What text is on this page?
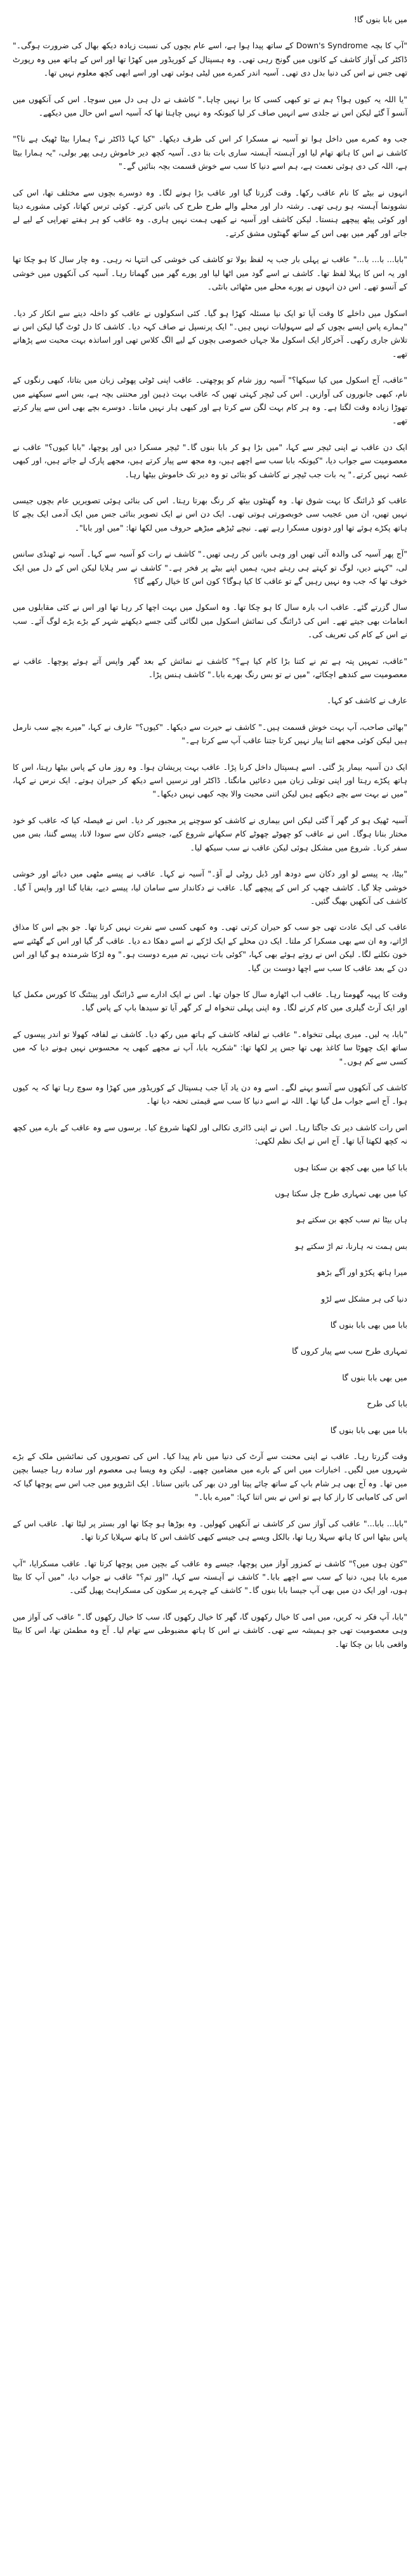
میں بابا بنوں گا!
"آپ کا بچہ Down's Syndrome کے ساتھ پیدا ہوا ہے، اسے عام بچوں کی نسبت زیادہ دیکھ بھال کی ضرورت ہوگی۔" ڈاکٹر کی آواز کاشف کے کانوں میں گونج رہی تھی۔ وہ ہسپتال کے کوریڈور میں کھڑا تھا اور اس کے ہاتھ میں وہ رپورٹ تھی جس نے اس کی دنیا بدل دی تھی۔ آسیہ اندر کمرے میں لیٹی ہوئی تھی اور اسے ابھی کچھ معلوم نہیں تھا۔
"یا اللہ یہ کیوں ہوا؟ ہم نے تو کبھی کسی کا برا نہیں چاہا۔" کاشف نے دل ہی دل میں سوچا۔ اس کی آنکھوں میں آنسو آ گئے لیکن اس نے جلدی سے انہیں صاف کر لیا کیونکہ وہ نہیں چاہتا تھا کہ آسیہ اسے اس حال میں دیکھے۔
جب وہ کمرے میں داخل ہوا تو آسیہ نے مسکرا کر اس کی طرف دیکھا۔ "کیا کہا ڈاکٹر نے؟ ہمارا بیٹا ٹھیک ہے نا؟" کاشف نے اس کا ہاتھ تھام لیا اور آہستہ آہستہ ساری بات بتا دی۔ آسیہ کچھ دیر خاموش رہی پھر بولی، "یہ ہمارا بیٹا ہے، اللہ کی دی ہوئی نعمت ہے، ہم اسے دنیا کا سب سے خوش قسمت بچہ بنائیں گے۔"
انہوں نے بیٹے کا نام عاقب رکھا۔ وقت گزرتا گیا اور عاقب بڑا ہونے لگا۔ وہ دوسرے بچوں سے مختلف تھا، اس کی نشوونما آہستہ ہو رہی تھی۔ رشتہ دار اور محلے والے طرح طرح کی باتیں کرتے۔ کوئی ترس کھاتا، کوئی مشورے دیتا اور کوئی پیٹھ پیچھے ہنستا۔ لیکن کاشف اور آسیہ نے کبھی ہمت نہیں ہاری۔ وہ عاقب کو ہر ہفتے تھراپی کے لیے لے جاتے اور گھر میں بھی اس کے ساتھ گھنٹوں مشق کرتے۔
"بابا... با... با..." عاقب نے پہلی بار جب یہ لفظ بولا تو کاشف کی خوشی کی انتہا نہ رہی۔ وہ چار سال کا ہو چکا تھا اور یہ اس کا پہلا لفظ تھا۔ کاشف نے اسے گود میں اٹھا لیا اور پورے گھر میں گھماتا رہا۔ آسیہ کی آنکھوں میں خوشی کے آنسو تھے۔ اس دن انہوں نے پورے محلے میں مٹھائی بانٹی۔
اسکول میں داخلے کا وقت آیا تو ایک نیا مسئلہ کھڑا ہو گیا۔ کئی اسکولوں نے عاقب کو داخلہ دینے سے انکار کر دیا۔ "ہمارے پاس ایسے بچوں کے لیے سہولیات نہیں ہیں۔" ایک پرنسپل نے صاف کہہ دیا۔ کاشف کا دل ٹوٹ گیا لیکن اس نے تلاش جاری رکھی۔ آخرکار ایک اسکول ملا جہاں خصوصی بچوں کے لیے الگ کلاس تھی اور اساتذہ بہت محبت سے پڑھاتے تھے۔
"عاقب، آج اسکول میں کیا سیکھا؟" آسیہ روز شام کو پوچھتی۔ عاقب اپنی ٹوٹی پھوٹی زبان میں بتاتا، کبھی رنگوں کے نام، کبھی جانوروں کی آوازیں۔ اس کی ٹیچر کہتی تھیں کہ عاقب بہت ذہین اور محنتی بچہ ہے، بس اسے سیکھنے میں تھوڑا زیادہ وقت لگتا ہے۔ وہ ہر کام بہت لگن سے کرتا ہے اور کبھی ہار نہیں مانتا۔ دوسرے بچے بھی اس سے پیار کرتے تھے۔
ایک دن عاقب نے اپنی ٹیچر سے کہا، "میں بڑا ہو کر بابا بنوں گا۔" ٹیچر مسکرا دیں اور پوچھا، "بابا کیوں؟" عاقب نے معصومیت سے جواب دیا، "کیونکہ بابا سب سے اچھے ہیں، وہ مجھ سے پیار کرتے ہیں، مجھے پارک لے جاتے ہیں، اور کبھی غصہ نہیں کرتے۔" یہ بات جب ٹیچر نے کاشف کو بتائی تو وہ دیر تک خاموش بیٹھا رہا۔
عاقب کو ڈرائنگ کا بہت شوق تھا۔ وہ گھنٹوں بیٹھ کر رنگ بھرتا رہتا۔ اس کی بنائی ہوئی تصویریں عام بچوں جیسی نہیں تھیں، ان میں عجیب سی خوبصورتی ہوتی تھی۔ ایک دن اس نے ایک تصویر بنائی جس میں ایک آدمی ایک بچے کا ہاتھ پکڑے ہوئے تھا اور دونوں مسکرا رہے تھے۔ نیچے ٹیڑھے میڑھے حروف میں لکھا تھا: "میں اور بابا"۔
"آج پھر آسیہ کی والدہ آئی تھیں اور وہی باتیں کر رہی تھیں۔" کاشف نے رات کو آسیہ سے کہا۔ آسیہ نے ٹھنڈی سانس لی، "کہنے دیں، لوگ تو کہتے ہی رہتے ہیں، ہمیں اپنے بیٹے پر فخر ہے۔" کاشف نے سر ہلایا لیکن اس کے دل میں ایک خوف تھا کہ جب وہ نہیں رہیں گے تو عاقب کا کیا ہوگا؟ کون اس کا خیال رکھے گا؟
سال گزرتے گئے۔ عاقب اب بارہ سال کا ہو چکا تھا۔ وہ اسکول میں بہت اچھا کر رہا تھا اور اس نے کئی مقابلوں میں انعامات بھی جیتے تھے۔ اس کی ڈرائنگ کی نمائش اسکول میں لگائی گئی جسے دیکھنے شہر کے بڑے بڑے لوگ آئے۔ سب نے اس کے کام کی تعریف کی۔
"عاقب، تمہیں پتہ ہے تم نے کتنا بڑا کام کیا ہے؟" کاشف نے نمائش کے بعد گھر واپس آتے ہوئے پوچھا۔ عاقب نے معصومیت سے کندھے اچکائے، "میں نے تو بس رنگ بھرے بابا۔" کاشف ہنس پڑا۔
عارف نے کاشف کو کہا۔
"بھائی صاحب، آپ بہت خوش قسمت ہیں۔" کاشف نے حیرت سے دیکھا۔ "کیوں؟" عارف نے کہا، "میرے بچے سب نارمل ہیں لیکن کوئی مجھے اتنا پیار نہیں کرتا جتنا عاقب آپ سے کرتا ہے۔"
ایک دن آسیہ بیمار پڑ گئی۔ اسے ہسپتال داخل کرنا پڑا۔ عاقب بہت پریشان ہوا۔ وہ روز ماں کے پاس بیٹھا رہتا، اس کا ہاتھ پکڑے رہتا اور اپنی توتلی زبان میں دعائیں مانگتا۔ ڈاکٹر اور نرسیں اسے دیکھ کر حیران ہوتے۔ ایک نرس نے کہا، "میں نے بہت سے بچے دیکھے ہیں لیکن اتنی محبت والا بچہ کبھی نہیں دیکھا۔"
آسیہ ٹھیک ہو کر گھر آ گئی لیکن اس بیماری نے کاشف کو سوچنے پر مجبور کر دیا۔ اس نے فیصلہ کیا کہ عاقب کو خود مختار بنانا ہوگا۔ اس نے عاقب کو چھوٹے چھوٹے کام سکھانے شروع کیے، جیسے دکان سے سودا لانا، پیسے گننا، بس میں سفر کرنا۔ شروع میں مشکل ہوئی لیکن عاقب نے سب سیکھ لیا۔
"بیٹا، یہ پیسے لو اور دکان سے دودھ اور ڈبل روٹی لے آؤ۔" آسیہ نے کہا۔ عاقب نے پیسے مٹھی میں دبائے اور خوشی خوشی چلا گیا۔ کاشف چھپ کر اس کے پیچھے گیا۔ عاقب نے دکاندار سے سامان لیا، پیسے دیے، بقایا گنا اور واپس آ گیا۔ کاشف کی آنکھیں بھیگ گئیں۔
عاقب کی ایک عادت تھی جو سب کو حیران کرتی تھی۔ وہ کبھی کسی سے نفرت نہیں کرتا تھا۔ جو بچے اس کا مذاق اڑاتے، وہ ان سے بھی مسکرا کر ملتا۔ ایک دن محلے کے ایک لڑکے نے اسے دھکا دے دیا۔ عاقب گر گیا اور اس کے گھٹنے سے خون نکلنے لگا۔ لیکن اس نے روتے ہوئے بھی کہا، "کوئی بات نہیں، تم میرے دوست ہو۔" وہ لڑکا شرمندہ ہو گیا اور اس دن کے بعد عاقب کا سب سے اچھا دوست بن گیا۔
وقت کا پہیہ گھومتا رہا۔ عاقب اب اٹھارہ سال کا جوان تھا۔ اس نے ایک ادارے سے ڈرائنگ اور پینٹنگ کا کورس مکمل کیا اور ایک آرٹ گیلری میں کام کرنے لگا۔ وہ اپنی پہلی تنخواہ لے کر گھر آیا تو سیدھا باپ کے پاس گیا۔
"بابا، یہ لیں۔ میری پہلی تنخواہ۔" عاقب نے لفافہ کاشف کے ہاتھ میں رکھ دیا۔ کاشف نے لفافہ کھولا تو اندر پیسوں کے ساتھ ایک چھوٹا سا کاغذ بھی تھا جس پر لکھا تھا: "شکریہ بابا، آپ نے مجھے کبھی یہ محسوس نہیں ہونے دیا کہ میں کسی سے کم ہوں۔"
کاشف کی آنکھوں سے آنسو بہنے لگے۔ اسے وہ دن یاد آیا جب ہسپتال کے کوریڈور میں کھڑا وہ سوچ رہا تھا کہ یہ کیوں ہوا۔ آج اسے جواب مل گیا تھا۔ اللہ نے اسے دنیا کا سب سے قیمتی تحفہ دیا تھا۔
اس رات کاشف دیر تک جاگتا رہا۔ اس نے اپنی ڈائری نکالی اور لکھنا شروع کیا۔ برسوں سے وہ عاقب کے بارے میں کچھ نہ کچھ لکھتا آیا تھا۔ آج اس نے ایک نظم لکھی:
بابا کیا میں بھی کچھ بن سکتا ہوں
کیا میں بھی تمہاری طرح چل سکتا ہوں
ہاں بیٹا تم سب کچھ بن سکتے ہو
بس ہمت نہ ہارنا، تم اڑ سکتے ہو
میرا ہاتھ پکڑو اور آگے بڑھو
دنیا کی ہر مشکل سے لڑو
بابا میں بھی بابا بنوں گا
تمہاری طرح سب سے پیار کروں گا
میں بھی بابا بنوں گا
بابا کی طرح
بابا میں بھی بابا بنوں گا
وقت گزرتا رہا۔ عاقب نے اپنی محنت سے آرٹ کی دنیا میں نام پیدا کیا۔ اس کی تصویروں کی نمائشیں ملک کے بڑے شہروں میں لگیں۔ اخبارات میں اس کے بارے میں مضامین چھپے۔ لیکن وہ ویسا ہی معصوم اور سادہ رہا جیسا بچپن میں تھا۔ وہ آج بھی ہر شام باپ کے ساتھ چائے پیتا اور دن بھر کی باتیں سناتا۔ ایک انٹرویو میں جب اس سے پوچھا گیا کہ اس کی کامیابی کا راز کیا ہے تو اس نے بس اتنا کہا: "میرے بابا۔"
"بابا... بابا..." عاقب کی آواز سن کر کاشف نے آنکھیں کھولیں۔ وہ بوڑھا ہو چکا تھا اور بستر پر لیٹا تھا۔ عاقب اس کے پاس بیٹھا اس کا ہاتھ سہلا رہا تھا، بالکل ویسے ہی جیسے کبھی کاشف اس کا ہاتھ سہلایا کرتا تھا۔
"کون ہوں میں؟" کاشف نے کمزور آواز میں پوچھا، جیسے وہ عاقب کے بچپن میں پوچھا کرتا تھا۔ عاقب مسکرایا، "آپ میرے بابا ہیں، دنیا کے سب سے اچھے بابا۔" کاشف نے آہستہ سے کہا، "اور تم؟" عاقب نے جواب دیا، "میں آپ کا بیٹا ہوں، اور ایک دن میں بھی آپ جیسا بابا بنوں گا۔" کاشف کے چہرے پر سکون کی مسکراہٹ پھیل گئی۔
"بابا، آپ فکر نہ کریں، میں امی کا خیال رکھوں گا، گھر کا خیال رکھوں گا، سب کا خیال رکھوں گا۔" عاقب کی آواز میں وہی معصومیت تھی جو ہمیشہ سے تھی۔ کاشف نے اس کا ہاتھ مضبوطی سے تھام لیا۔ آج وہ مطمئن تھا، اس کا بیٹا واقعی بابا بن چکا تھا۔
